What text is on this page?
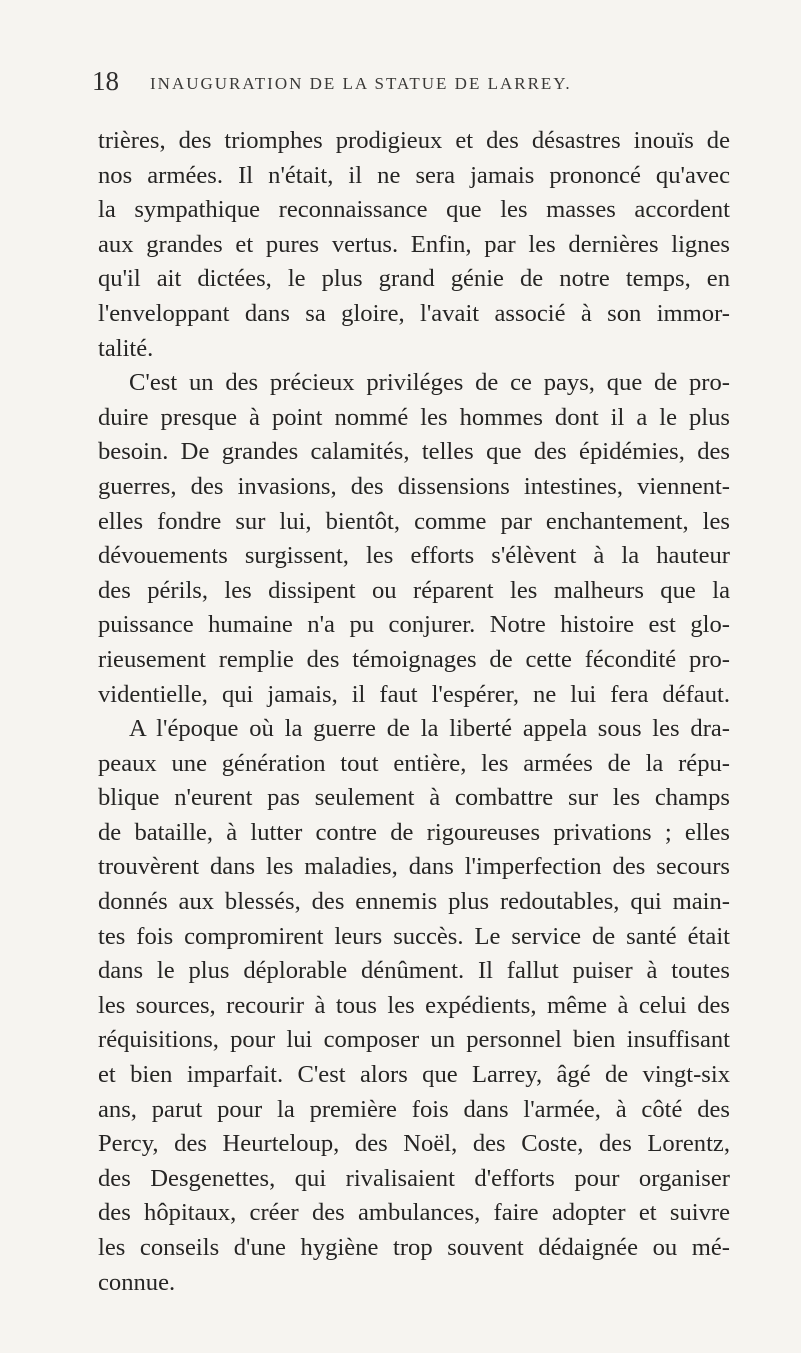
18 INAUGURATION DE LA STATUE DE LARREY.
trières, des triomphes prodigieux et des désastres inouïs de
nos armées. Il n'était, il ne sera jamais prononcé qu'avec
la sympathique reconnaissance que les masses accordent
aux grandes et pures vertus. Enfin, par les dernières lignes
qu'il ait dictées, le plus grand génie de notre temps, en
l'enveloppant dans sa gloire, l'avait associé à son immor-
talité.
C'est un des précieux priviléges de ce pays, que de pro-
duire presque à point nommé les hommes dont il a le plus
besoin. De grandes calamités, telles que des épidémies, des
guerres, des invasions, des dissensions intestines, viennent-
elles fondre sur lui, bientôt, comme par enchantement, les
dévouements surgissent, les efforts s'élèvent à la hauteur
des périls, les dissipent ou réparent les malheurs que la
puissance humaine n'a pu conjurer. Notre histoire est glo-
rieusement remplie des témoignages de cette fécondité pro-
videntielle, qui jamais, il faut l'espérer, ne lui fera défaut.
A l'époque où la guerre de la liberté appela sous les dra-
peaux une génération tout entière, les armées de la répu-
blique n'eurent pas seulement à combattre sur les champs
de bataille, à lutter contre de rigoureuses privations ; elles
trouvèrent dans les maladies, dans l'imperfection des secours
donnés aux blessés, des ennemis plus redoutables, qui main-
tes fois compromirent leurs succès. Le service de santé était
dans le plus déplorable dénûment. Il fallut puiser à toutes
les sources, recourir à tous les expédients, même à celui des
réquisitions, pour lui composer un personnel bien insuffisant
et bien imparfait. C'est alors que Larrey, âgé de vingt-six
ans, parut pour la première fois dans l'armée, à côté des
Percy, des Heurteloup, des Noël, des Coste, des Lorentz,
des Desgenettes, qui rivalisaient d'efforts pour organiser
des hôpitaux, créer des ambulances, faire adopter et suivre
les conseils d'une hygiène trop souvent dédaignée ou mé-
connue.
